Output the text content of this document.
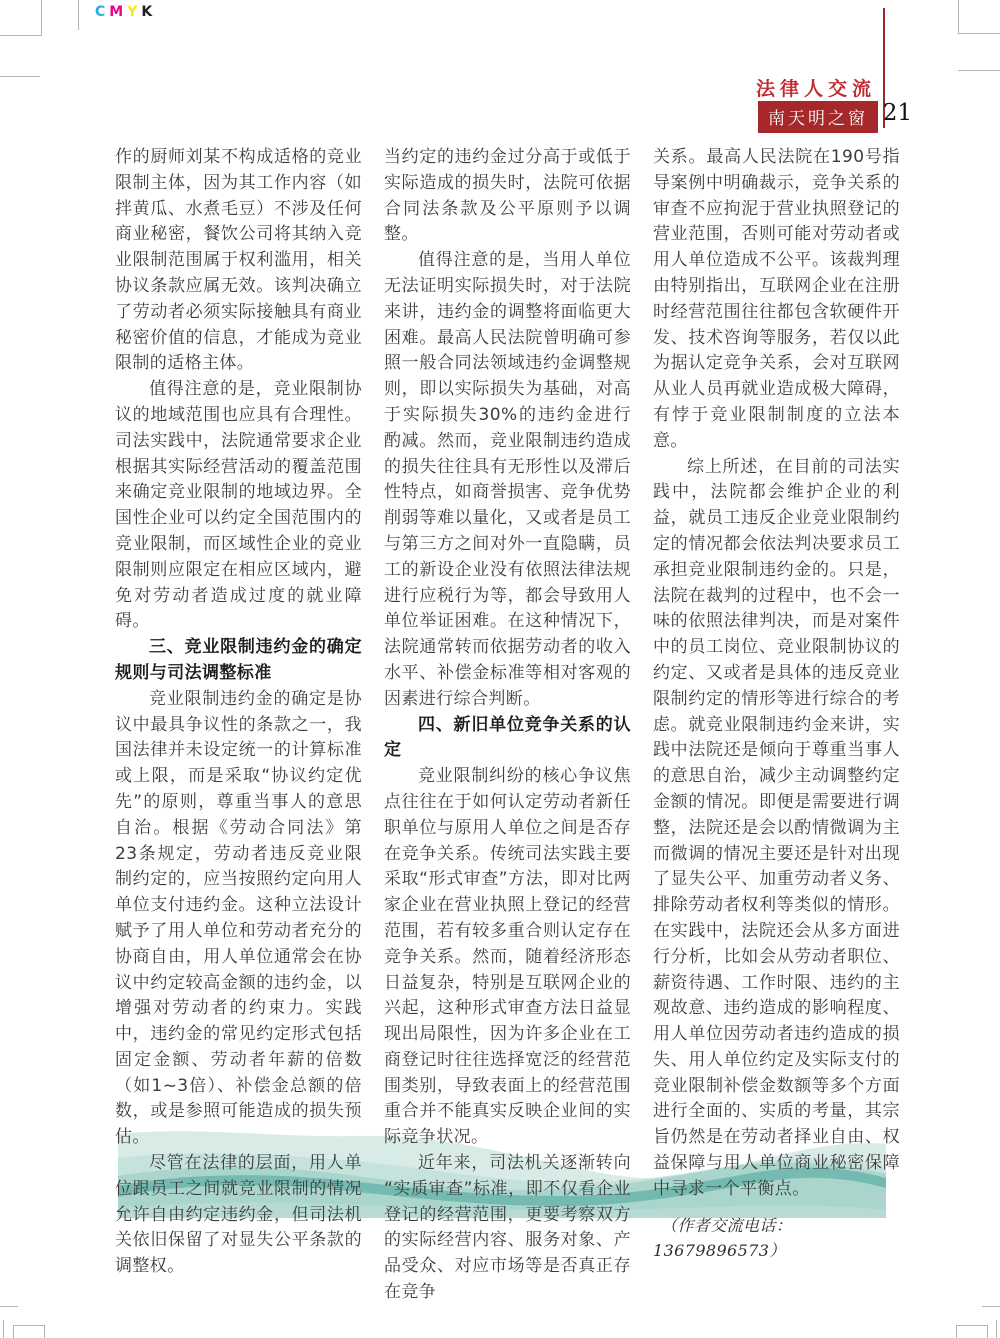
CMYK
法律人交流
南天明之窗 21

作的厨师刘某不构成适格的竞业限制主体，因为其工作内容（如拌黄瓜、水煮毛豆）不涉及任何商业秘密，餐饮公司将其纳入竞业限制范围属于权利滥用，相关协议条款应属无效。该判决确立了劳动者必须实际接触具有商业秘密价值的信息，才能成为竞业限制的适格主体。

值得注意的是，竞业限制协议的地域范围也应具有合理性。司法实践中，法院通常要求企业根据其实际经营活动的覆盖范围来确定竞业限制的地域边界。全国性企业可以约定全国范围内的竞业限制，而区域性企业的竞业限制则应限定在相应区域内，避免对劳动者造成过度的就业障碍。

三、竞业限制违约金的确定规则与司法调整标准

竞业限制违约金的确定是协议中最具争议性的条款之一，我国法律并未设定统一的计算标准或上限，而是采取“协议约定优先”的原则，尊重当事人的意思自治。根据《劳动合同法》第23条规定，劳动者违反竞业限制约定的，应当按照约定向用人单位支付违约金。这种立法设计赋予了用人单位和劳动者充分的协商自由，用人单位通常会在协议中约定较高金额的违约金，以增强对劳动者的约束力。实践中，违约金的常见约定形式包括固定金额、劳动者年薪的倍数（如1~3倍）、补偿金总额的倍数，或是参照可能造成的损失预估。

尽管在法律的层面，用人单位跟员工之间就竞业限制的情况允许自由约定违约金，但司法机关依旧保留了对显失公平条款的调整权。

当约定的违约金过分高于或低于实际造成的损失时，法院可依据合同法条款及公平原则予以调整。

值得注意的是，当用人单位无法证明实际损失时，对于法院来讲，违约金的调整将面临更大困难。最高人民法院曾明确可参照一般合同法领域违约金调整规则，即以实际损失为基础，对高于实际损失30%的违约金进行酌减。然而，竞业限制违约造成的损失往往具有无形性以及滞后性特点，如商誉损害、竞争优势削弱等难以量化，又或者是员工与第三方之间对外一直隐瞒，员工的新设企业没有依照法律法规进行应税行为等，都会导致用人单位举证困难。在这种情况下，法院通常转而依据劳动者的收入水平、补偿金标准等相对客观的因素进行综合判断。

四、新旧单位竞争关系的认定

竞业限制纠纷的核心争议焦点往往在于如何认定劳动者新任职单位与原用人单位之间是否存在竞争关系。传统司法实践主要采取“形式审查”方法，即对比两家企业在营业执照上登记的经营范围，若有较多重合则认定存在竞争关系。然而，随着经济形态日益复杂，特别是互联网企业的兴起，这种形式审查方法日益显现出局限性，因为许多企业在工商登记时往往选择宽泛的经营范围类别，导致表面上的经营范围重合并不能真实反映企业间的实际竞争状况。

近年来，司法机关逐渐转向“实质审查”标准，即不仅看企业登记的经营范围，更要考察双方的实际经营内容、服务对象、产品受众、对应市场等是否真正存在竞争

关系。最高人民法院在190号指导案例中明确裁示，竞争关系的审查不应拘泥于营业执照登记的营业范围，否则可能对劳动者或用人单位造成不公平。该裁判理由特别指出，互联网企业在注册时经营范围往往都包含软硬件开发、技术咨询等服务，若仅以此为据认定竞争关系，会对互联网从业人员再就业造成极大障碍，有悖于竞业限制制度的立法本意。

综上所述，在目前的司法实践中，法院都会维护企业的利益，就员工违反企业竞业限制约定的情况都会依法判决要求员工承担竞业限制违约金的。只是，法院在裁判的过程中，也不会一味的依照法律判决，而是对案件中的员工岗位、竞业限制协议的约定、又或者是具体的违反竞业限制约定的情形等进行综合的考虑。就竞业限制违约金来讲，实践中法院还是倾向于尊重当事人的意思自治，减少主动调整约定金额的情况。即便是需要进行调整，法院还是会以酌情微调为主而微调的情况主要还是针对出现了显失公平、加重劳动者义务、排除劳动者权利等类似的情形。在实践中，法院还会从多方面进行分析，比如会从劳动者职位、薪资待遇、工作时限、违约的主观故意、违约造成的影响程度、用人单位因劳动者违约造成的损失、用人单位约定及实际支付的竞业限制补偿金数额等多个方面进行全面的、实质的考量，其宗旨仍然是在劳动者择业自由、权益保障与用人单位商业秘密保障中寻求一个平衡点。

（作者交流电话：13679896573）
